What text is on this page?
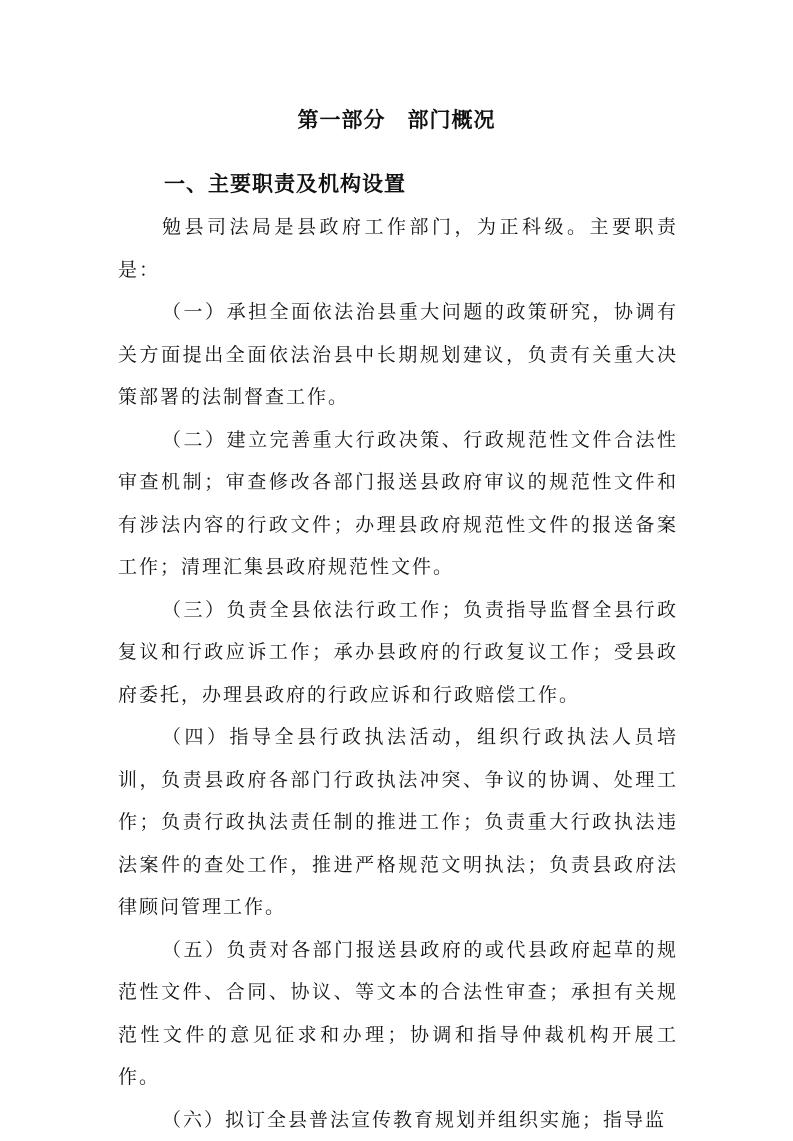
第一部分　部门概况
一、主要职责及机构设置

勉县司法局是县政府工作部门，为正科级。主要职责是：

（一）承担全面依法治县重大问题的政策研究，协调有关方面提出全面依法治县中长期规划建议，负责有关重大决策部署的法制督查工作。

（二）建立完善重大行政决策、行政规范性文件合法性审查机制；审查修改各部门报送县政府审议的规范性文件和有涉法内容的行政文件；办理县政府规范性文件的报送备案工作；清理汇集县政府规范性文件。

（三）负责全县依法行政工作；负责指导监督全县行政复议和行政应诉工作；承办县政府的行政复议工作；受县政府委托，办理县政府的行政应诉和行政赔偿工作。

（四）指导全县行政执法活动，组织行政执法人员培训，负责县政府各部门行政执法冲突、争议的协调、处理工作；负责行政执法责任制的推进工作；负责重大行政执法违法案件的查处工作，推进严格规范文明执法；负责县政府法律顾问管理工作。

（五）负责对各部门报送县政府的或代县政府起草的规范性文件、合同、协议、等文本的合法性审查；承担有关规范性文件的意见征求和办理；协调和指导仲裁机构开展工作。

（六）拟订全县普法宣传教育规划并组织实施；指导监
